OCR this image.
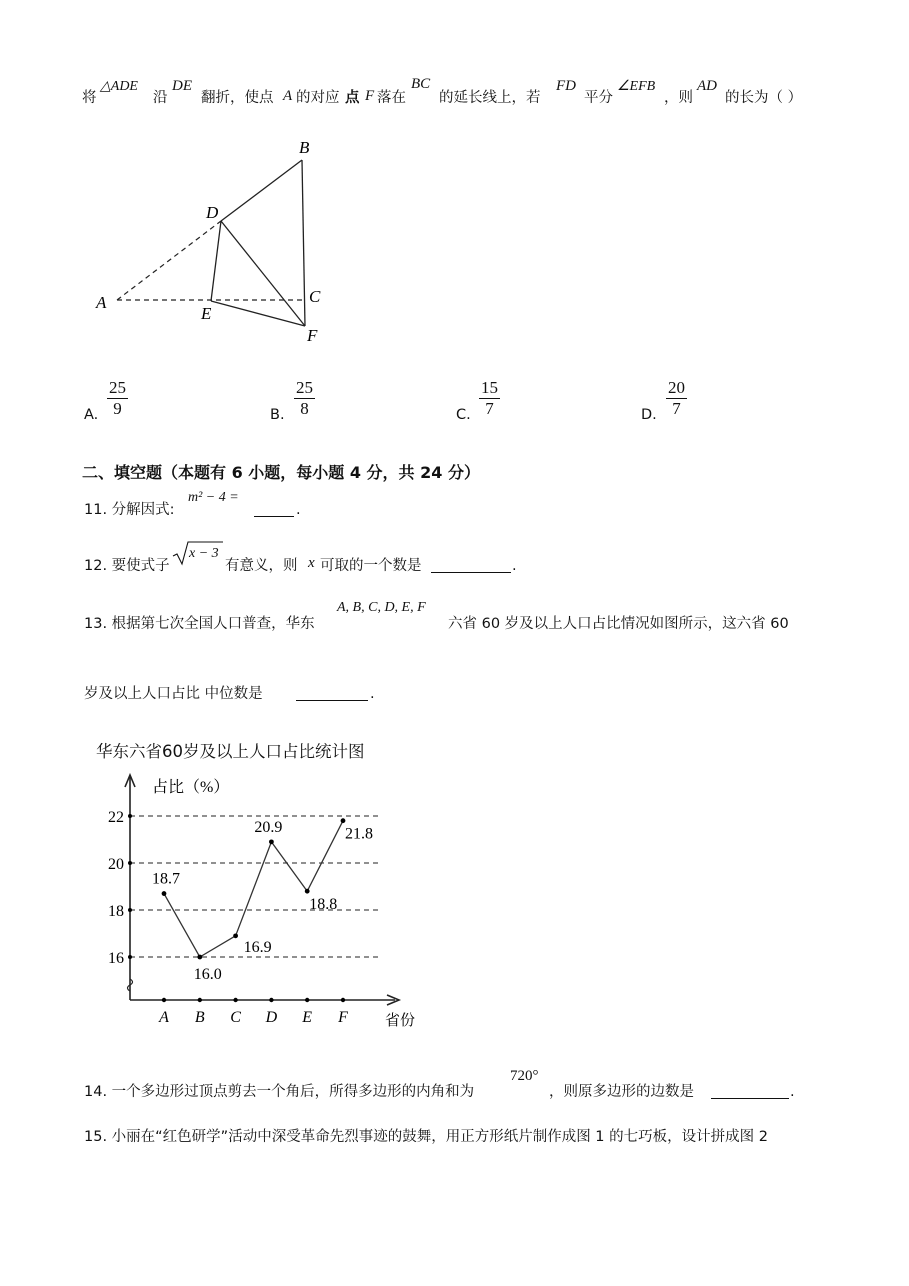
将
△ADE
沿
DE
翻折，使点 A 的对应 点 F 落在
BC
的延长线上，若
FD
平分
∠EFB
，则
AD
的长为（ ）
B
D
A	C
E
F
A. $\frac{25}{9}$	B. $\frac{25}{8}$	C. $\frac{15}{7}$	D. $\frac{20}{7}$
二、填空题（本题有 6 小题，每小题 4 分，共 24 分）
11. 分解因式:
m² − 4 =
.
12. 要使式子
x − 3
有意义，则 x 可取的一个数是	.
13. 根据第七次全国人口普查，华东
A, B, C, D, E, F
六省 60 岁及以上人口占比情况如图所示，这六省 60
岁及以上人口占比 中位数是	.
华东六省60岁及以上人口占比统计图
占比（%）
省份
16
18
20
22
A B C D E F
18.7
16.0
16.9
20.9
18.8
21.8
14. 一个多边形过顶点剪去一个角后，所得多边形的内角和为
720°
，则原多边形的边数是	.
15. 小丽在“红色研学”活动中深受革命先烈事迹的鼓舞，用正方形纸片制作成图 1 的七巧板，设计拼成图 2
